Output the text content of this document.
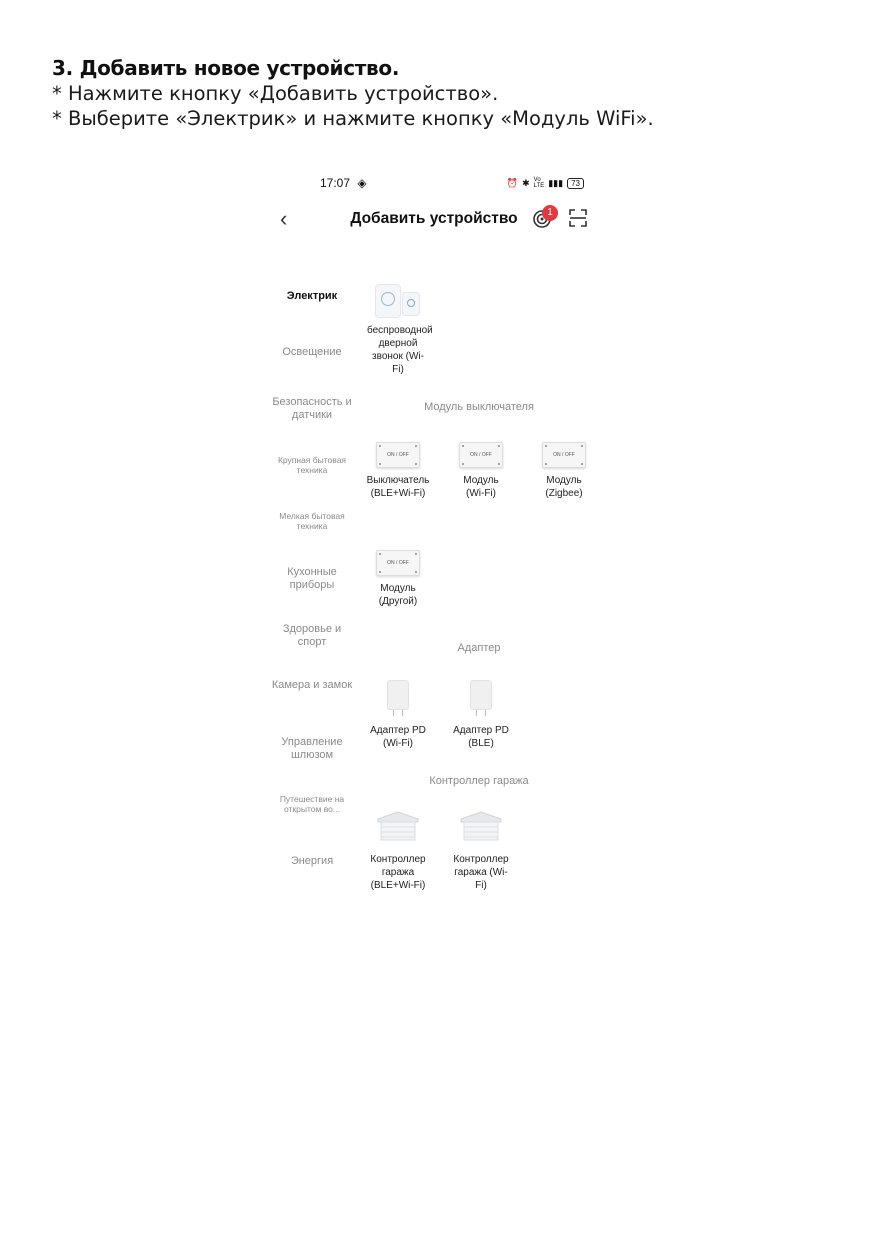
3. Добавить новое устройство.
* Нажмите кнопку «Добавить устройство».
* Выберите «Электрик» и нажмите кнопку «Модуль WiFi».
17:07 ◈	⏰ ✱ Vo
LTE ▮▮▮	73
‹	Добавить устройство	1
Электрик
Освещение
Безопасность и датчики
Крупная бытовая техника
Мелкая бытовая техника
Кухонные приборы
Здоровье и спорт
Камера и замок
Управление шлюзом
Путешествие на открытом во...
Энергия
беспроводной дверной звонок (Wi-Fi)
Модуль выключателя
ON / OFF
Выключатель (BLE+Wi-Fi)
ON / OFF
Модуль (Wi-Fi)
ON / OFF
Модуль (Zigbee)
ON / OFF
Модуль (Другой)
Адаптер
Адаптер PD (Wi-Fi)
Адаптер PD (BLE)
Контроллер гаража
Контроллер гаража (BLE+Wi-Fi)
Контроллер гаража (Wi-Fi)
